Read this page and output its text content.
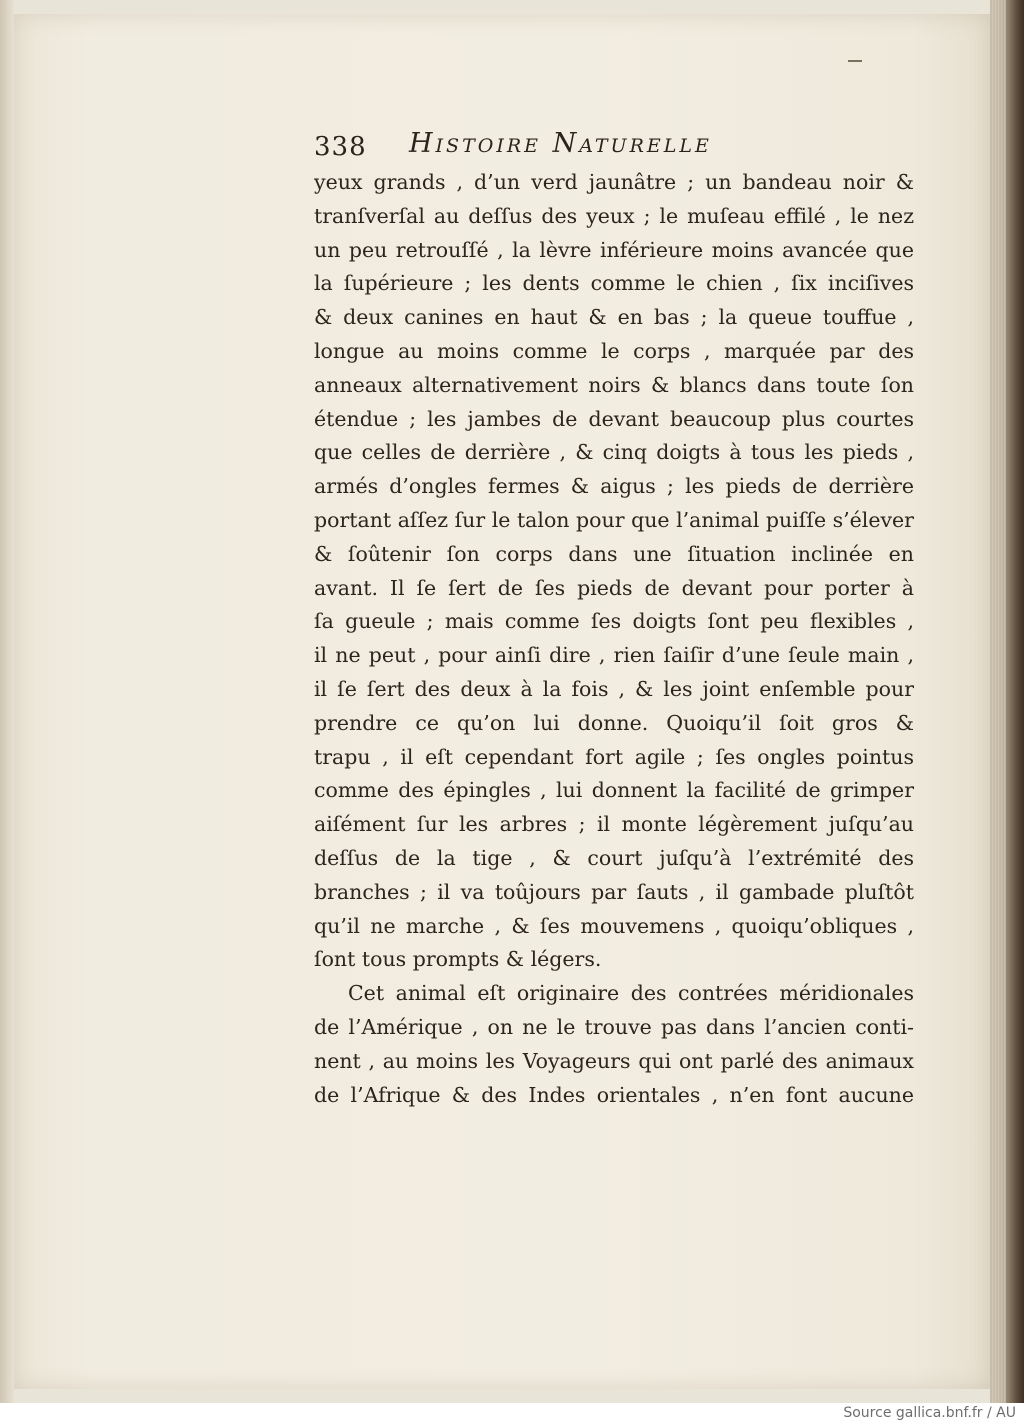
338 Histoire Naturelle
yeux grands , d’un verd jaunâtre ; un bandeau noir &
tranſverſal au deſſus des yeux ; le muſeau effilé , le nez
un peu retrouſſé , la lèvre inférieure moins avancée que
la ſupérieure ; les dents comme le chien , ſix inciſives
& deux canines en haut & en bas ; la queue touffue ,
longue au moins comme le corps , marquée par des
anneaux alternativement noirs & blancs dans toute ſon
étendue ; les jambes de devant beaucoup plus courtes
que celles de derrière , & cinq doigts à tous les pieds ,
armés d’ongles fermes & aigus ; les pieds de derrière
portant aſſez ſur le talon pour que l’animal puiſſe s’élever
& ſoûtenir ſon corps dans une ſituation inclinée en
avant. Il ſe ſert de ſes pieds de devant pour porter à
ſa gueule ; mais comme ſes doigts ſont peu flexibles ,
il ne peut , pour ainſi dire , rien ſaiſir d’une ſeule main ,
il ſe ſert des deux à la fois , & les joint enſemble pour
prendre ce qu’on lui donne. Quoiqu’il ſoit gros &
trapu , il eſt cependant fort agile ; ſes ongles pointus
comme des épingles , lui donnent la facilité de grimper
aiſément ſur les arbres ; il monte légèrement juſqu’au
deſſus de la tige , & court juſqu’à l’extrémité des
branches ; il va toûjours par ſauts , il gambade pluſtôt
qu’il ne marche , & ſes mouvemens , quoiqu’obliques ,
ſont tous prompts & légers.
Cet animal eſt originaire des contrées méridionales
de l’Amérique , on ne le trouve pas dans l’ancien conti-
nent , au moins les Voyageurs qui ont parlé des animaux
de l’Afrique & des Indes orientales , n’en font aucune
Source gallica.bnf.fr / AU
